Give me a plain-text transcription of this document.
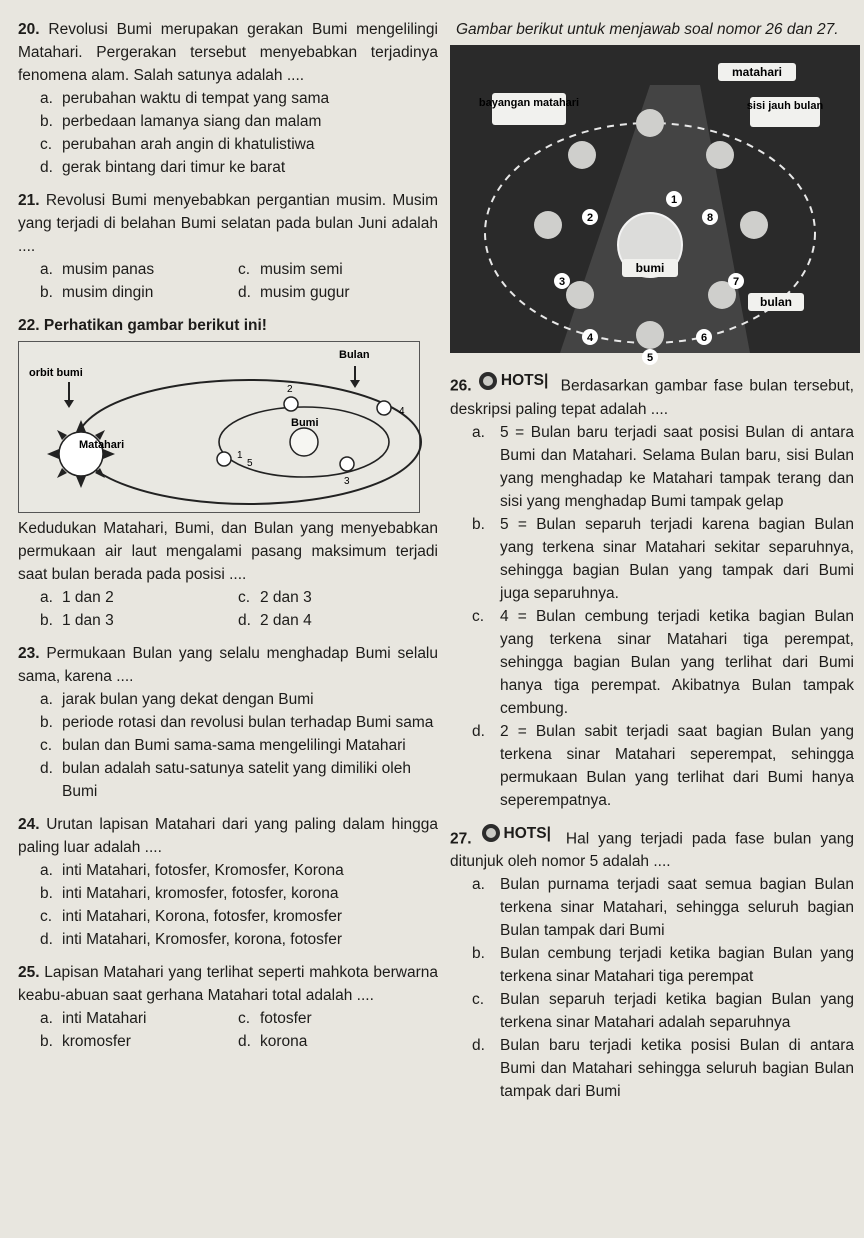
20. Revolusi Bumi merupakan gerakan Bumi mengelilingi Matahari. Pergerakan tersebut menyebabkan terjadinya fenomena alam. Salah satunya adalah ....

a. perubahan waktu di tempat yang sama
b. perbedaan lamanya siang dan malam
c. perubahan arah angin di khatulistiwa
d. gerak bintang dari timur ke barat

21. Revolusi Bumi menyebabkan pergantian musim. Musim yang terjadi di belahan Bumi selatan pada bulan Juni adalah ....

a. musim panas	c. musim semi
b. musim dingin	d. musim gugur

22. Perhatikan gambar berikut ini!

orbit bumi
Bulan
Bumi
Matahari
1
2
3
4
5

Kedudukan Matahari, Bumi, dan Bulan yang menyebabkan permukaan air laut mengalami pasang maksimum terjadi saat bulan berada pada posisi ....

a. 1 dan 2	c. 2 dan 3
b. 1 dan 3	d. 2 dan 4

23. Permukaan Bulan yang selalu menghadap Bumi selalu sama, karena ....

a. jarak bulan yang dekat dengan Bumi
b. periode rotasi dan revolusi bulan terhadap Bumi sama
c. bulan dan Bumi sama-sama mengelilingi Matahari
d. bulan adalah satu-satunya satelit yang dimiliki oleh Bumi

24. Urutan lapisan Matahari dari yang paling dalam hingga paling luar adalah ....

a. inti Matahari, fotosfer, Kromosfer, Korona
b. inti Matahari, kromosfer, fotosfer, korona
c. inti Matahari, Korona, fotosfer, kromosfer
d. inti Matahari, Kromosfer, korona, fotosfer

25. Lapisan Matahari yang terlihat seperti mahkota berwarna keabu-abuan saat gerhana Matahari total adalah ....

a. inti Matahari	c. fotosfer
b. kromosfer	d. korona

Gambar berikut untuk menjawab soal nomor 26 dan 27.

matahari
bayangan matahari	sisi jauh bulan
bumi
bulan
1
2
3
4
5
6
7
8

26. HOTS| Berdasarkan gambar fase bulan tersebut, deskripsi paling tepat adalah ....

a. 5 = Bulan baru terjadi saat posisi Bulan di antara Bumi dan Matahari. Selama Bulan baru, sisi Bulan yang menghadap ke Matahari tampak terang dan sisi yang menghadap Bumi tampak gelap
b. 5 = Bulan separuh terjadi karena bagian Bulan yang terkena sinar Matahari sekitar separuhnya, sehingga bagian Bulan yang tampak dari Bumi juga separuhnya.
c.	4 = Bulan cembung terjadi ketika bagian Bulan yang terkena sinar Matahari tiga perempat, sehingga bagian Bulan yang terlihat dari Bumi hanya tiga perempat. Akibatnya Bulan tampak cembung.
d. 2 = Bulan sabit terjadi saat bagian Bulan yang terkena sinar Matahari seperempat, sehingga permukaan Bulan yang terlihat dari Bumi hanya seperempatnya.

27. HOTS| Hal yang terjadi pada fase bulan yang ditunjuk oleh nomor 5 adalah ....

a. Bulan purnama terjadi saat semua bagian Bulan terkena sinar Matahari, sehingga seluruh bagian Bulan tampak dari Bumi
b. Bulan cembung terjadi ketika bagian Bulan yang terkena sinar Matahari tiga perempat
c.	Bulan separuh terjadi ketika bagian Bulan yang terkena sinar Matahari adalah separuhnya
d. Bulan baru terjadi ketika posisi Bulan di antara Bumi dan Matahari sehingga seluruh bagian Bulan tampak dari Bumi
